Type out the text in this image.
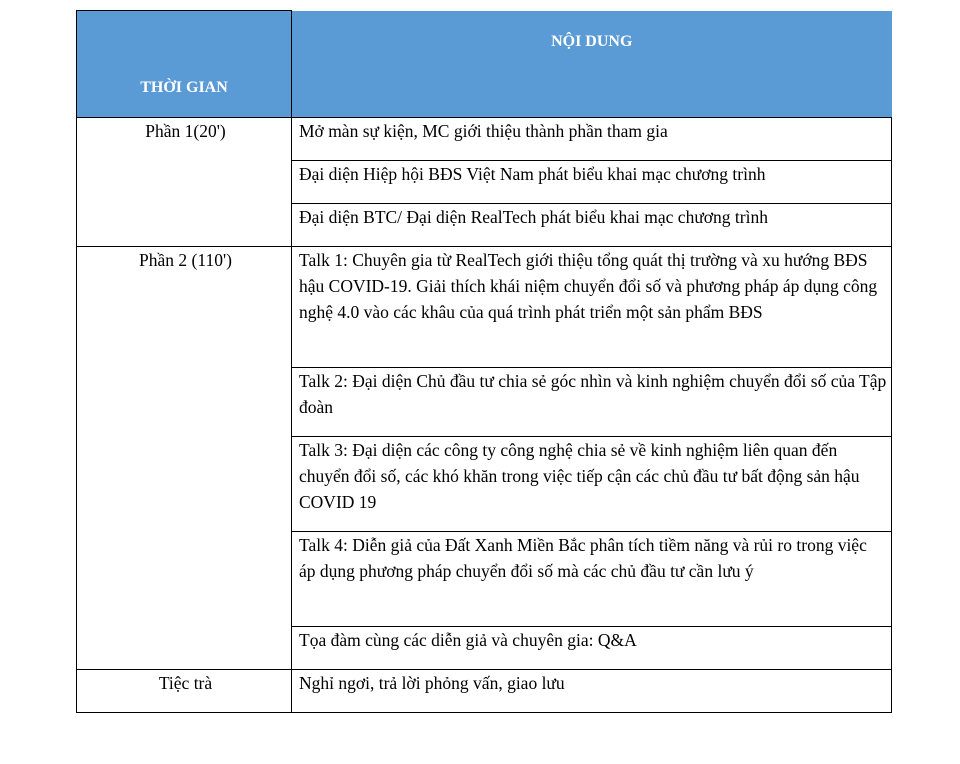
THỜI GIAN	NỘI DUNG
Phần 1(20')	Mở màn sự kiện, MC giới thiệu thành phần tham gia
	Đại diện Hiệp hội BĐS Việt Nam phát biểu khai mạc chương trình
	Đại diện BTC/ Đại diện RealTech phát biểu khai mạc chương trình
Phần 2 (110')	Talk 1: Chuyên gia từ RealTech giới thiệu tổng quát thị trường và xu hướng BĐS hậu COVID-19. Giải thích khái niệm chuyển đổi số và phương pháp áp dụng công nghệ 4.0 vào các khâu của quá trình phát triển một sản phẩm BĐS
	Talk 2: Đại diện Chủ đầu tư chia sẻ góc nhìn và kinh nghiệm chuyển đổi số của Tập đoàn
	Talk 3: Đại diện các công ty công nghệ chia sẻ về kinh nghiệm liên quan đến chuyển đổi số, các khó khăn trong việc tiếp cận các chủ đầu tư bất động sản hậu COVID 19
	Talk 4: Diễn giả của Đất Xanh Miền Bắc phân tích tiềm năng và rủi ro trong việc áp dụng phương pháp chuyển đổi số mà các chủ đầu tư cần lưu ý
	Tọa đàm cùng các diễn giả và chuyên gia: Q&A
Tiệc trà	Nghỉ ngơi, trả lời phỏng vấn, giao lưu
